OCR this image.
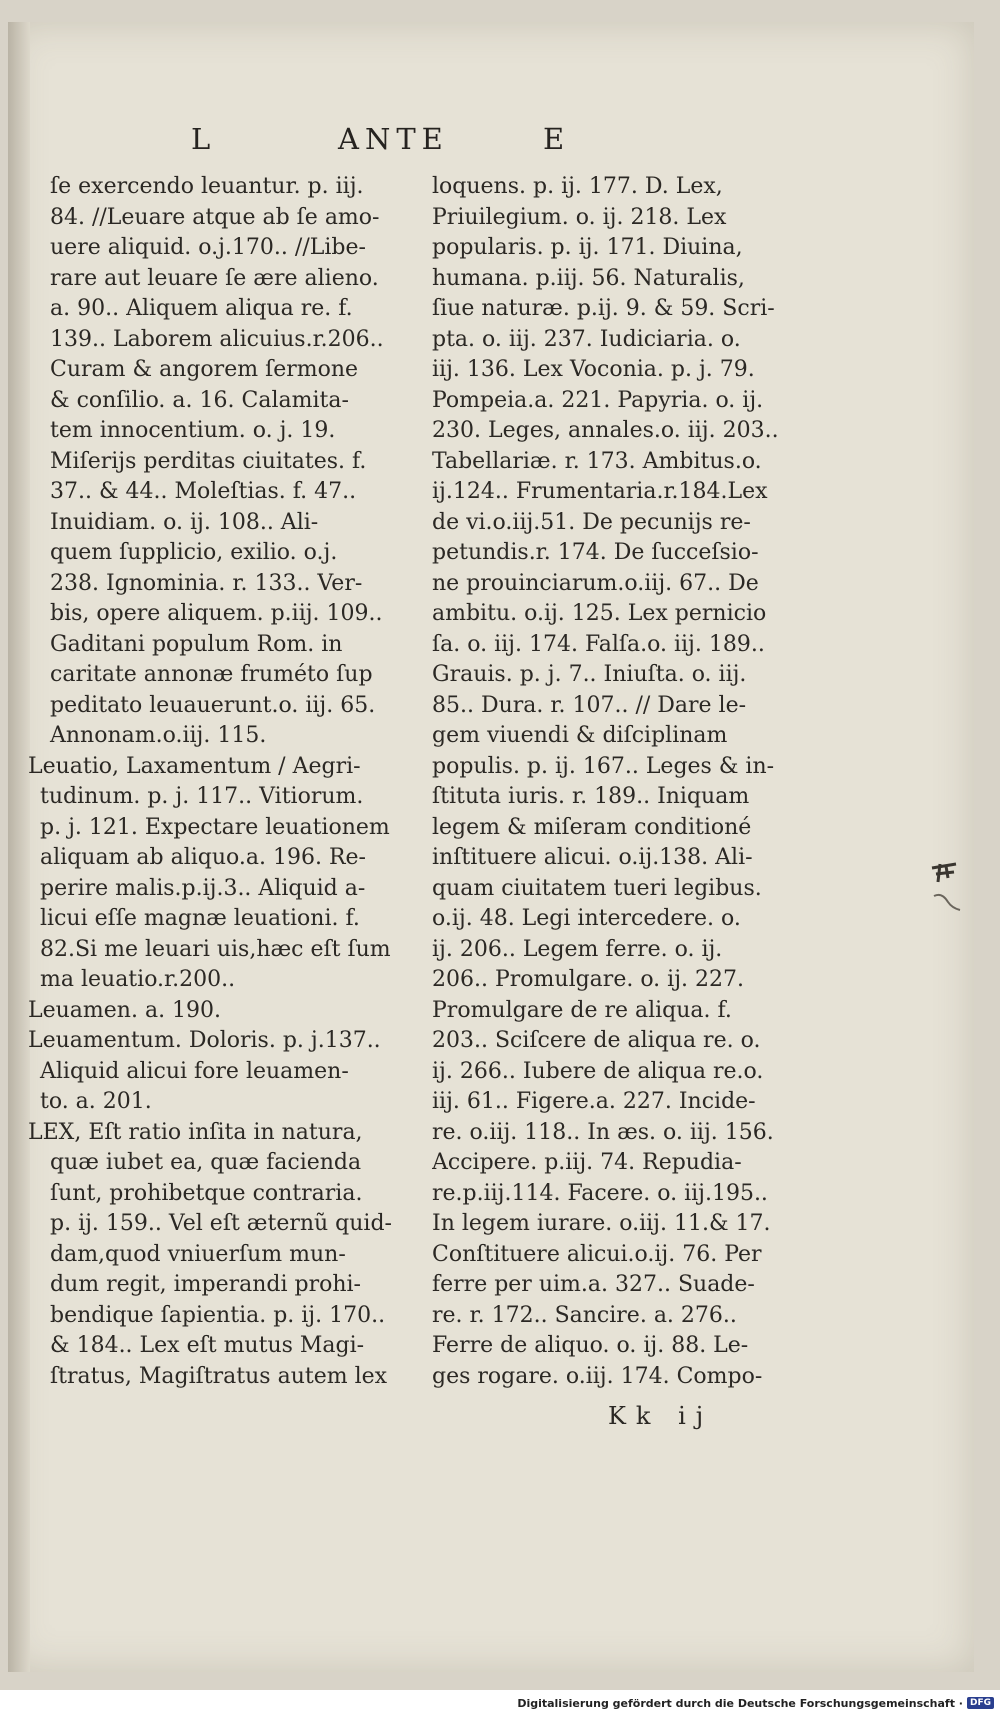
L	ANTE	E
ſe exercendo leuantur. p. iij.
84. //Leuare atque ab ſe amo-
uere aliquid. o.j.170.. //Libe-
rare aut leuare ſe ære alieno.
a. 90.. Aliquem aliqua re. f.
139.. Laborem alicuius.r.206..
Curam & angorem ſermone
& conſilio. a. 16. Calamita-
tem innocentium. o. j. 19.
Miſerijs perditas ciuitates. f.
37.. & 44.. Moleſtias. f. 47..
Inuidiam. o. ij. 108.. Ali-
quem ſupplicio, exilio. o.j.
238. Ignominia. r. 133.. Ver-
bis, opere aliquem. p.iij. 109..
Gaditani populum Rom. in
caritate annonæ fruméto ſup
peditato leuauerunt.o. iij. 65.
Annonam.o.iij. 115.
Leuatio, Laxamentum / Aegri-
tudinum. p. j. 117.. Vitiorum.
p. j. 121. Expectare leuationem
aliquam ab aliquo.a. 196. Re-
perire malis.p.ij.3.. Aliquid a-
licui eſſe magnæ leuationi. f.
82.Si me leuari uis,hæc eſt ſum
ma leuatio.r.200..
Leuamen. a. 190.
Leuamentum. Doloris. p. j.137..
Aliquid alicui fore leuamen-
to. a. 201.
LEX, Eſt ratio inſita in natura,
quæ iubet ea, quæ facienda
ſunt, prohibetque contraria.
p. ij. 159.. Vel eſt æternũ quid-
dam,quod vniuerſum mun-
dum regit, imperandi prohi-
bendique ſapientia. p. ij. 170..
& 184.. Lex eſt mutus Magi-
ſtratus, Magiſtratus autem lex
loquens. p. ij. 177. D. Lex,
Priuilegium. o. ij. 218. Lex
popularis. p. ij. 171. Diuina,
humana. p.iij. 56. Naturalis,
ſiue naturæ. p.ij. 9. & 59. Scri-
pta. o. iij. 237. Iudiciaria. o.
iij. 136. Lex Voconia. p. j. 79.
Pompeia.a. 221. Papyria. o. ij.
230. Leges, annales.o. iij. 203..
Tabellariæ. r. 173. Ambitus.o.
ij.124.. Frumentaria.r.184.Lex
de vi.o.iij.51. De pecunijs re-
petundis.r. 174. De ſucceſsio-
ne prouinciarum.o.iij. 67.. De
ambitu. o.ij. 125. Lex pernicio
ſa. o. iij. 174. Falſa.o. iij. 189..
Grauis. p. j. 7.. Iniuſta. o. iij.
85.. Dura. r. 107.. // Dare le-
gem viuendi & diſciplinam
populis. p. ij. 167.. Leges & in-
ſtituta iuris. r. 189.. Iniquam
legem & miſeram conditioné
inſtituere alicui. o.ij.138. Ali-
quam ciuitatem tueri legibus.
o.ij. 48. Legi intercedere. o.
ij. 206.. Legem ferre. o. ij.
206.. Promulgare. o. ij. 227.
Promulgare de re aliqua. f.
203.. Sciſcere de aliqua re. o.
ij. 266.. Iubere de aliqua re.o.
iij. 61.. Figere.a. 227. Incide-
re. o.iij. 118.. In æs. o. iij. 156.
Accipere. p.iij. 74. Repudia-
re.p.iij.114. Facere. o. iij.195..
In legem iurare. o.iij. 11.& 17.
Conſtituere alicui.o.ij. 76. Per
ferre per uim.a. 327.. Suade-
re. r. 172.. Sancire. a. 276..
Ferre de aliquo. o. ij. 88. Le-
ges rogare. o.iij. 174. Compo-
Kk ij
Digitalisierung gefördert durch die Deutsche Forschungsgemeinschaft · DFG
